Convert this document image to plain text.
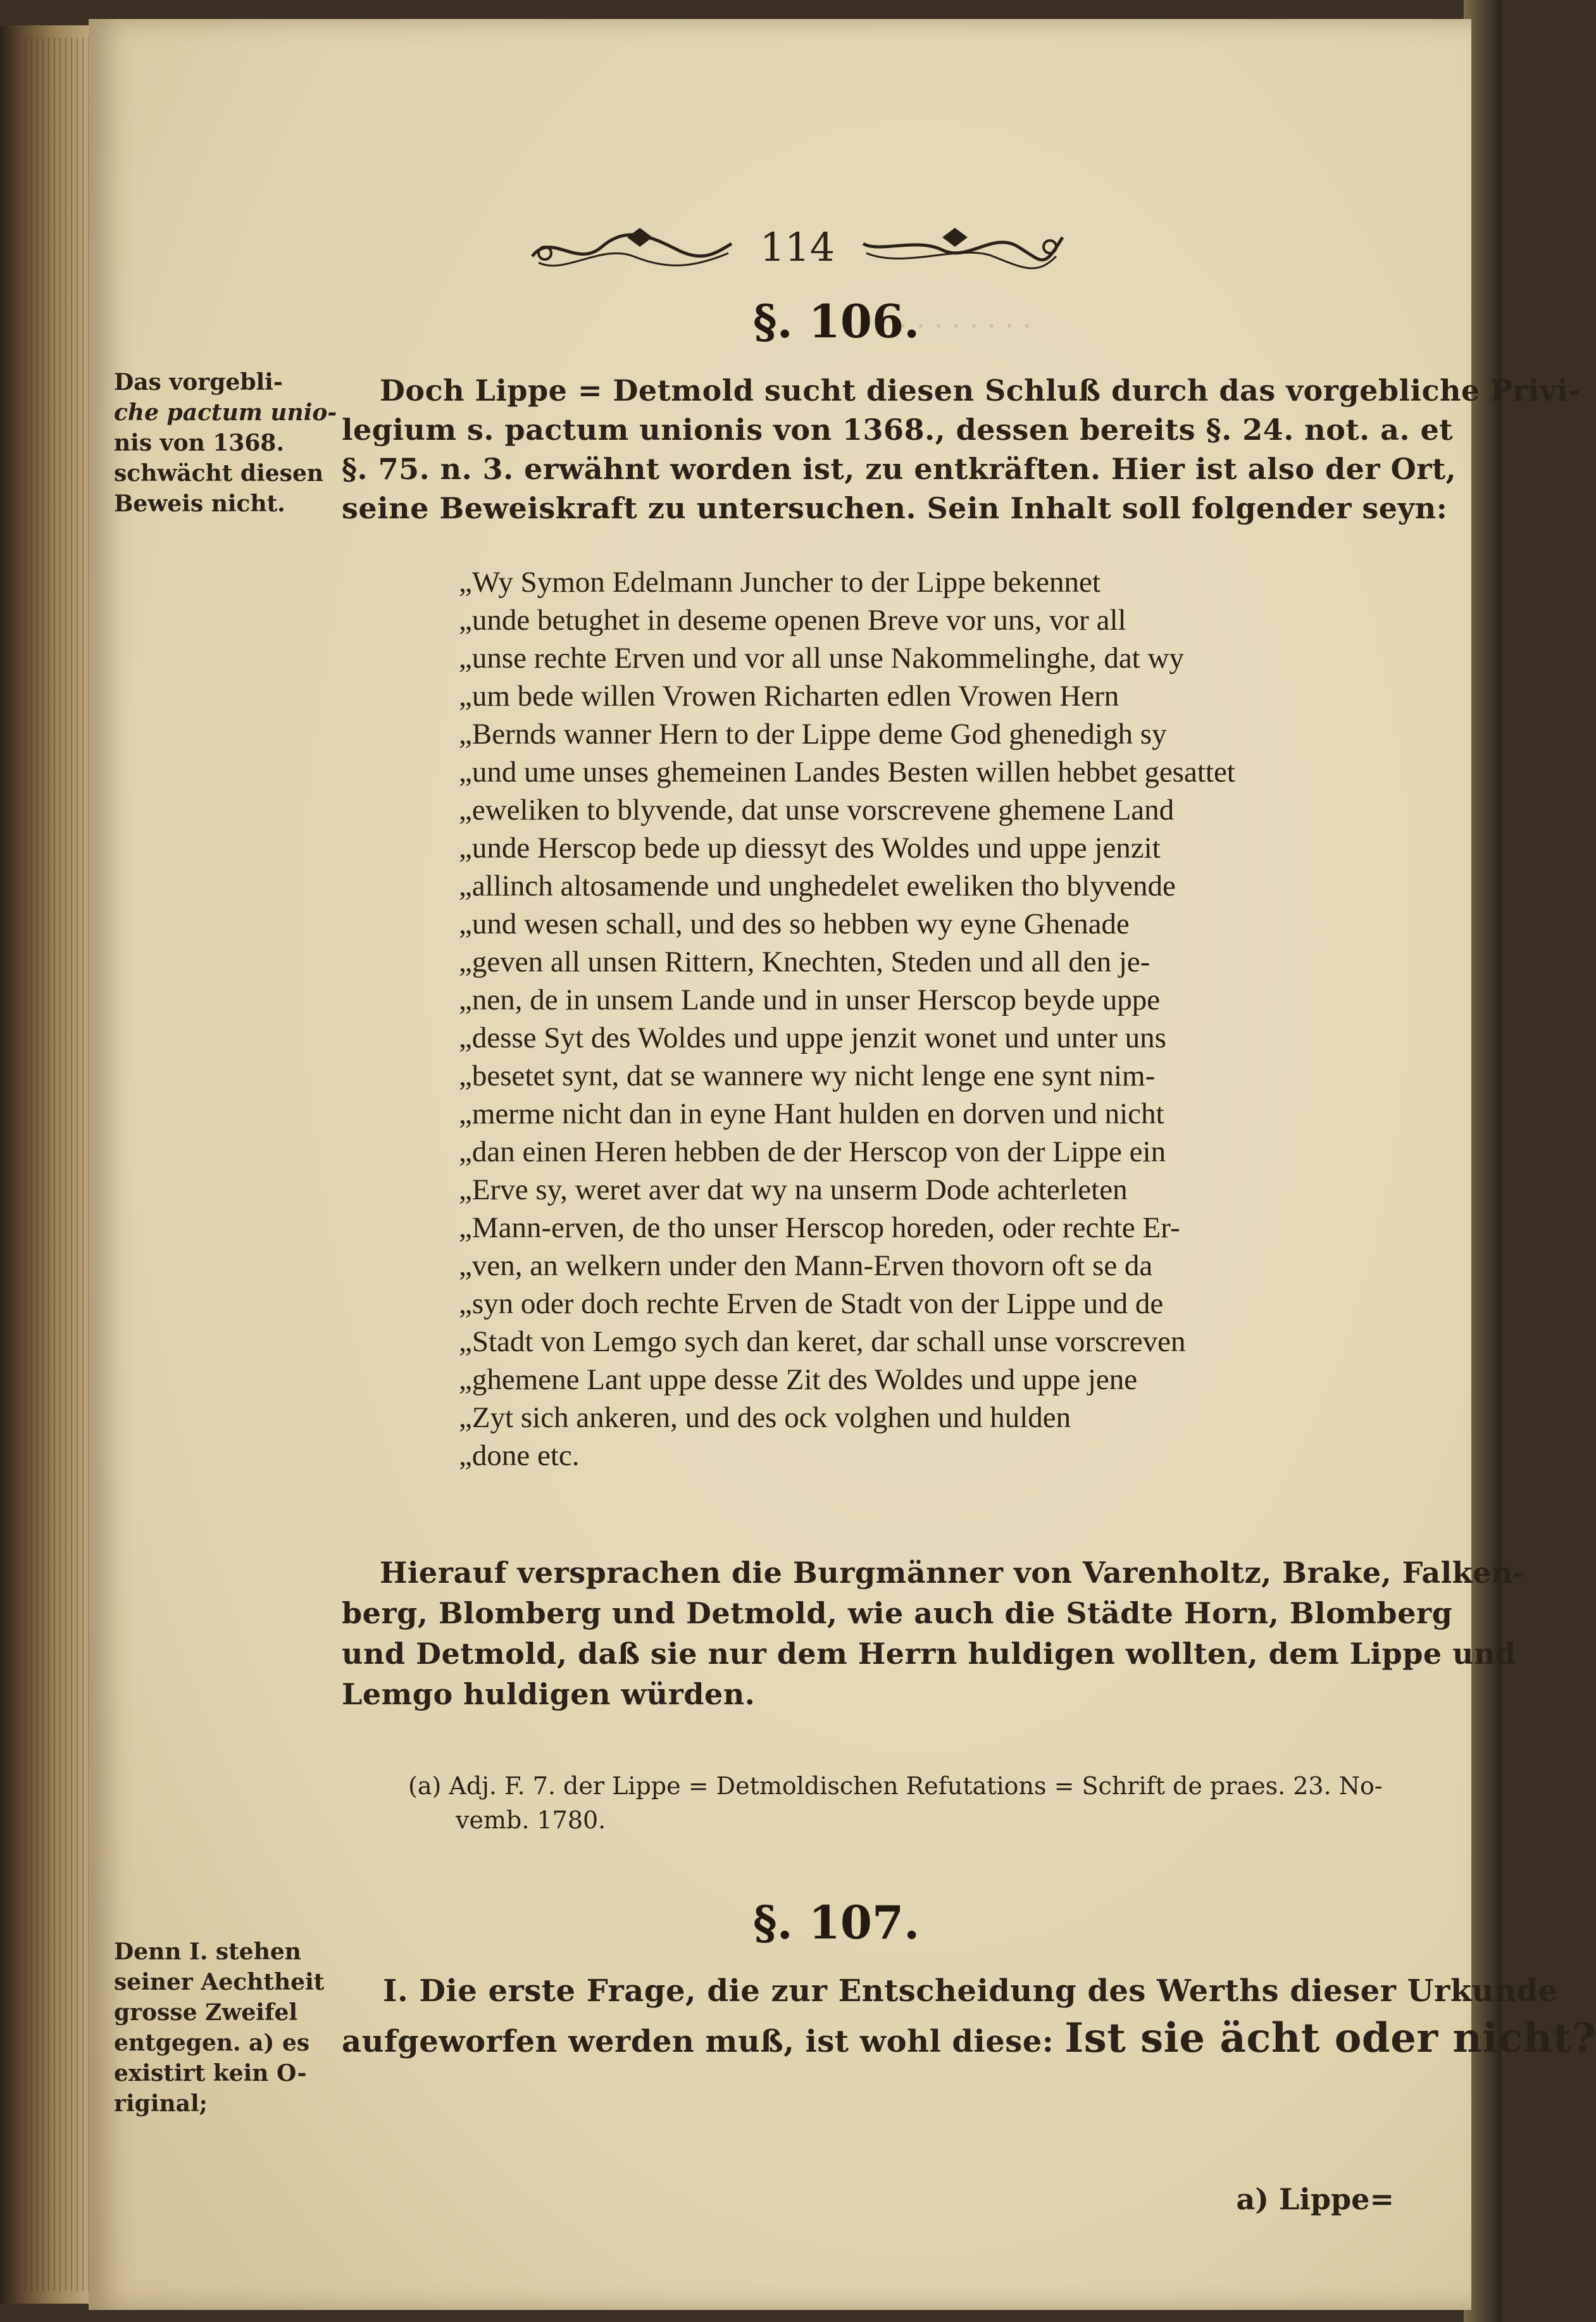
· · · · · · · ·
114
§. 106.
Das vorgebli-
che pactum unio-
nis von 1368.
schwächt diesen
Beweis nicht.
Doch Lippe = Detmold sucht diesen Schluß durch das vorgebliche Privi-
legium s. pactum unionis von 1368., dessen bereits §. 24. not. a. et
§. 75. n. 3. erwähnt worden ist, zu entkräften. Hier ist also der Ort,
seine Beweiskraft zu untersuchen. Sein Inhalt soll folgender seyn:
„Wy Symon Edelmann Juncher to der Lippe bekennet
„unde betughet in deseme openen Breve vor uns, vor all
„unse rechte Erven und vor all unse Nakommelinghe, dat wy
„um bede willen Vrowen Richarten edlen Vrowen Hern
„Bernds wanner Hern to der Lippe deme God ghenedigh sy
„und ume unses ghemeinen Landes Besten willen hebbet gesattet
„eweliken to blyvende, dat unse vorscrevene ghemene Land
„unde Herscop bede up diessyt des Woldes und uppe jenzit
„allinch altosamende und unghedelet eweliken tho blyvende
„und wesen schall, und des so hebben wy eyne Ghenade
„geven all unsen Rittern, Knechten, Steden und all den je-
„nen, de in unsem Lande und in unser Herscop beyde uppe
„desse Syt des Woldes und uppe jenzit wonet und unter uns
„besetet synt, dat se wannere wy nicht lenge ene synt nim-
„merme nicht dan in eyne Hant hulden en dorven und nicht
„dan einen Heren hebben de der Herscop von der Lippe ein
„Erve sy, weret aver dat wy na unserm Dode achterleten
„Mann-erven, de tho unser Herscop horeden, oder rechte Er-
„ven, an welkern under den Mann-Erven thovorn oft se da
„syn oder doch rechte Erven de Stadt von der Lippe und de
„Stadt von Lemgo sych dan keret, dar schall unse vorscreven
„ghemene Lant uppe desse Zit des Woldes und uppe jene
„Zyt sich ankeren, und des ock volghen und hulden
„done etc.
Hierauf versprachen die Burgmänner von Varenholtz, Brake, Falken-
berg, Blomberg und Detmold, wie auch die Städte Horn, Blomberg
und Detmold, daß sie nur dem Herrn huldigen wollten, dem Lippe und
Lemgo huldigen würden.
(a) Adj. F. 7. der Lippe = Detmoldischen Refutations = Schrift de praes. 23. No-
vemb. 1780.
§. 107.
Denn I. stehen
seiner Aechtheit
grosse Zweifel
entgegen. a) es
existirt kein O-
riginal;
I. Die erste Frage, die zur Entscheidung des Werths dieser Urkunde
aufgeworfen werden muß, ist wohl diese: Ist sie ächt oder nicht?
a) Lippe=
